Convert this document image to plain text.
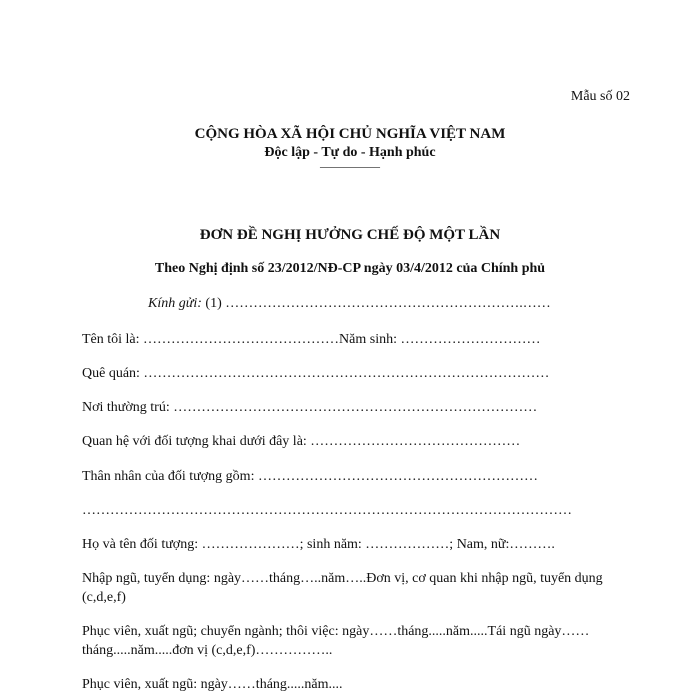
Mẫu số 02
CỘNG HÒA XÃ HỘI CHỦ NGHĨA VIỆT NAM
Độc lập - Tự do - Hạnh phúc
—————
ĐƠN ĐỀ NGHỊ HƯỞNG CHẾ ĐỘ MỘT LẦN
Theo Nghị định số 23/2012/NĐ-CP ngày 03/4/2012 của Chính phủ
Kính gửi: (1) ……………………………………………………….……
Tên tôi là: ……………………………………Năm sinh: …………………………
Quê quán: ……………………………………………………………………………
Nơi thường trú: ……………………………………………………………………
Quan hệ với đối tượng khai dưới đây là: ………………………………………
Thân nhân của đối tượng gồm: ……………………………………………………
……………………………………………………………………………………………
Họ và tên đối tượng: …………………; sinh năm: ………………; Nam, nữ:……….
Nhập ngũ, tuyển dụng: ngày……tháng…..năm…..Đơn vị, cơ quan khi nhập ngũ, tuyển dụng (c,d,e,f)
Phục viên, xuất ngũ; chuyển ngành; thôi việc: ngày……tháng.....năm.....Tái ngũ ngày……tháng.....năm.....đơn vị (c,d,e,f)……………..
Phục viên, xuất ngũ: ngày……tháng.....năm....
